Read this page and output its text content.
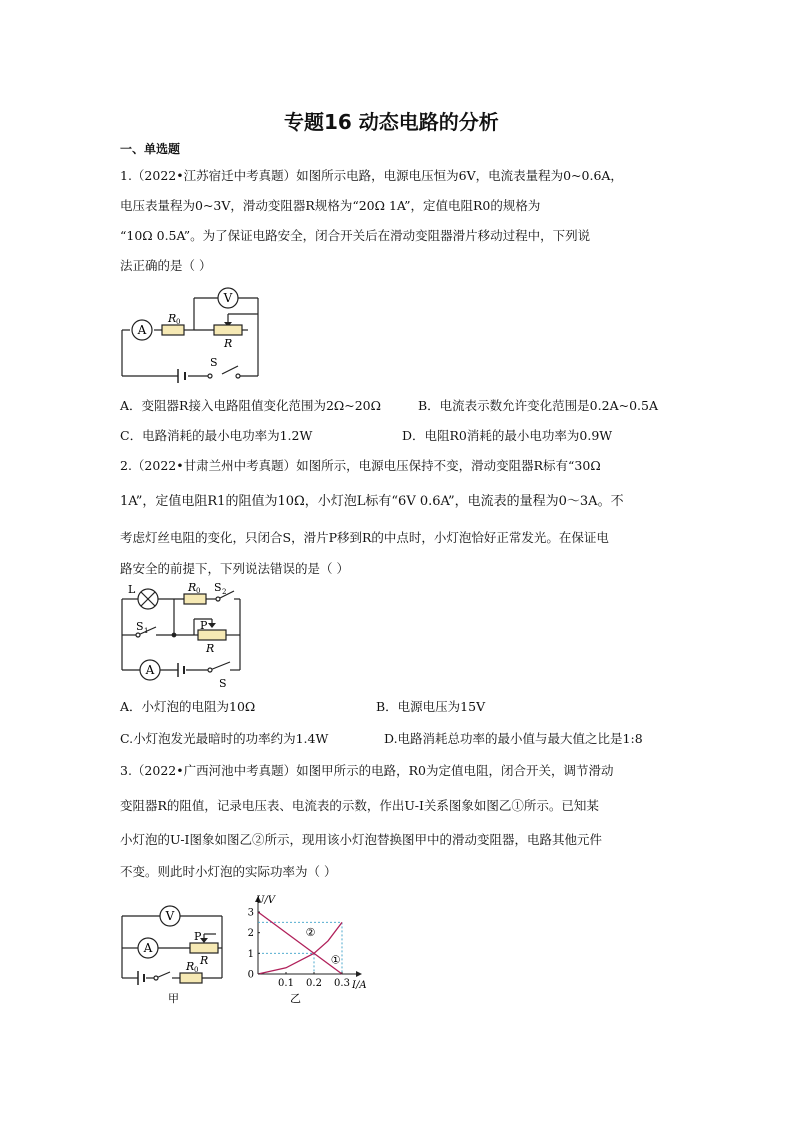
专题16 动态电路的分析
一、单选题
1.（2022•江苏宿迁中考真题）如图所示电路，电源电压恒为6V，电流表量程为0~0.6A，
电压表量程为0~3V，滑动变阻器R规格为“20Ω 1A”，定值电阻R0的规格为
“10Ω 0.5A”。为了保证电路安全，闭合开关后在滑动变阻器滑片移动过程中，下列说
法正确的是（ ）
A
V
R 0
R
S
A．变阻器R接入电路阻值变化范围为2Ω~20Ω	B．电流表示数允许变化范围是0.2A~0.5A
C．电路消耗的最小电功率为1.2W	D．电阻R0消耗的最小电功率为0.9W
2.（2022•甘肃兰州中考真题）如图所示，电源电压保持不变，滑动变阻器R标有“30Ω
1A”，定值电阻R1的阻值为10Ω，小灯泡L标有“6V 0.6A”，电流表的量程为0～3A。不
考虑灯丝电阻的变化，只闭合S，滑片P移到R的中点时，小灯泡恰好正常发光。在保证电
路安全的前提下，下列说法错误的是（ ）
L	R 0 S 2
S 1	P
R
A
S
A．小灯泡的电阻为10Ω	B．电源电压为15V
C.小灯泡发光最暗时的功率约为1.4W	D.电路消耗总功率的最小值与最大值之比是1:8
3.（2022•广西河池中考真题）如图甲所示的电路，R0为定值电阻，闭合开关，调节滑动
变阻器R的阻值，记录电压表、电流表的示数，作出U-I关系图象如图乙①所示。已知某
小灯泡的U-I图象如图乙②所示，现用该小灯泡替换图甲中的滑动变阻器，电路其他元件
不变。则此时小灯泡的实际功率为（ ）
V
A
P
R
R 0
甲
①
②
0
1
2
3
0.1 0.2 0.3
U/V
I/A
乙
